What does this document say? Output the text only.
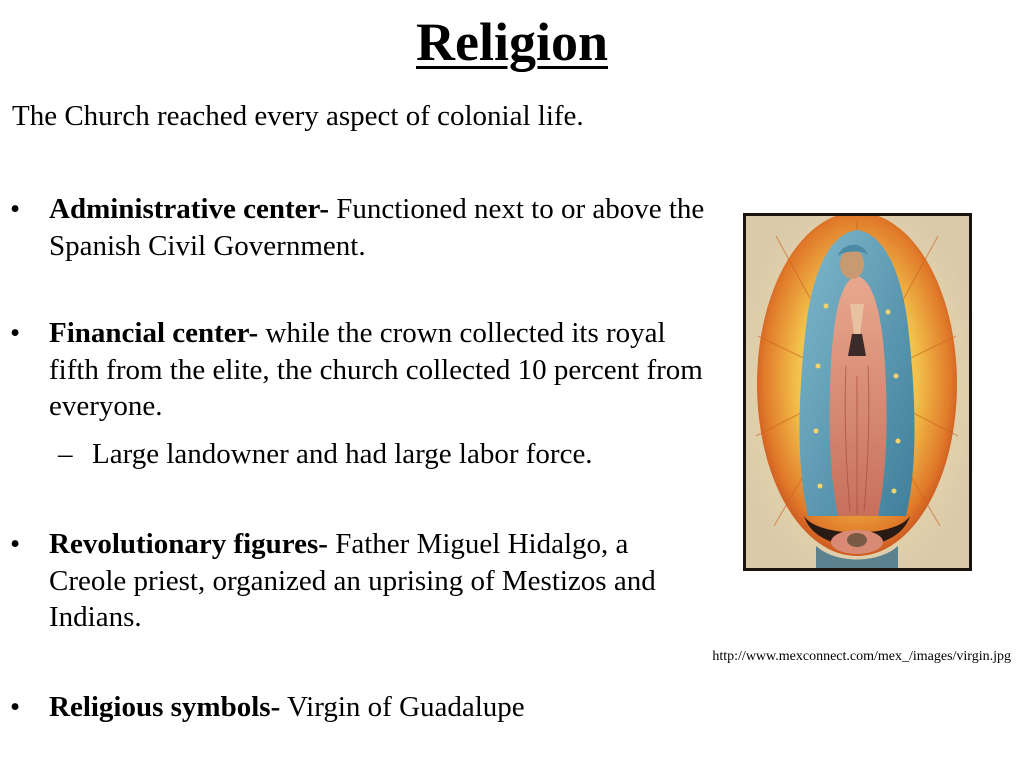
Religion
The Church reached every aspect of colonial life.
• Administrative center- Functioned next to or above the Spanish Civil Government.
• Financial center- while the crown collected its royal fifth from the elite, the church collected 10 percent from everyone.
– Large landowner and had large labor force.
• Revolutionary figures- Father Miguel Hidalgo, a Creole priest, organized an uprising of Mestizos and Indians.
• Religious symbols- Virgin of Guadalupe
http://www.mexconnect.com/mex_/images/virgin.jpg
